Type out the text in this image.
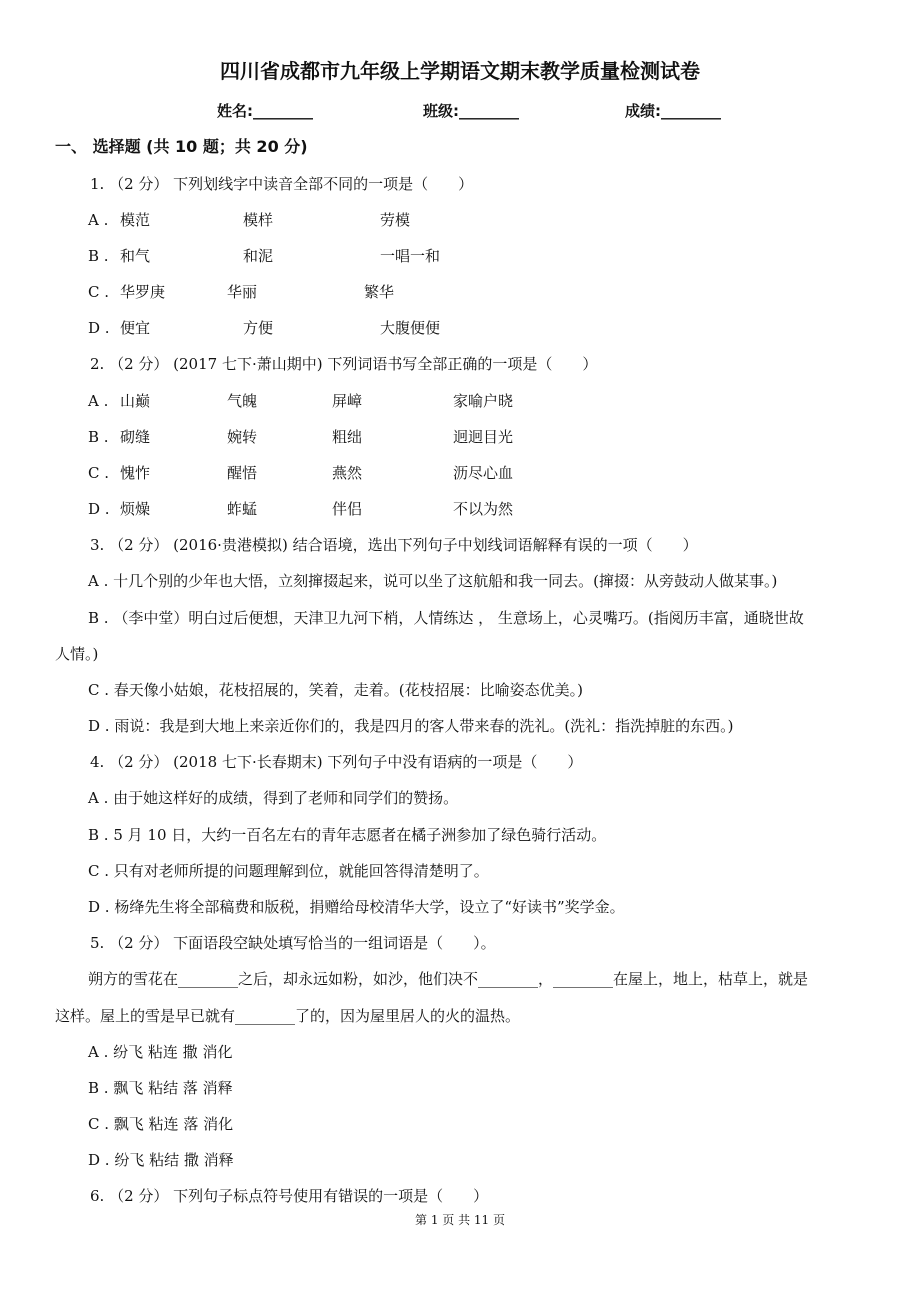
四川省成都市九年级上学期语文期末教学质量检测试卷
姓名:________	班级:________	成绩:________
一、 选择题 (共 10 题；共 20 分)
1. （2 分） 下列划线字中读音全部不同的一项是（　　）
A . 模范	模样	劳模
B . 和气	和泥	一唱一和
C . 华罗庚	华丽	繁华
D . 便宜	方便	大腹便便
2. （2 分） (2017 七下·萧山期中) 下列词语书写全部正确的一项是（　　）
A . 山巅	气魄	屏嶂	家喻户晓
B . 砌缝	婉转	粗绌	迥迥目光
C . 愧怍	醒悟	燕然	沥尽心血
D . 烦燥	蚱蜢	伴侣	不以为然
3. （2 分） (2016·贵港模拟) 结合语境，选出下列句子中划线词语解释有误的一项（　　）
A . 十几个别的少年也大悟，立刻撺掇起来，说可以坐了这航船和我一同去。(撺掇：从旁鼓动人做某事。)
B . （李中堂）明白过后便想，天津卫九河下梢，人情练达 ， 生意场上，心灵嘴巧。(指阅历丰富，通晓世故
人情。)
C . 春天像小姑娘，花枝招展的，笑着，走着。(花枝招展：比喻姿态优美。)
D . 雨说：我是到大地上来亲近你们的，我是四月的客人带来春的洗礼。(洗礼：指洗掉脏的东西。)
4. （2 分） (2018 七下·长春期末) 下列句子中没有语病的一项是（　　）
A . 由于她这样好的成绩，得到了老师和同学们的赞扬。
B . 5 月 10 日，大约一百名左右的青年志愿者在橘子洲参加了绿色骑行活动。
C . 只有对老师所提的问题理解到位，就能回答得清楚明了。
D . 杨绛先生将全部稿费和版税，捐赠给母校清华大学，设立了“好读书”奖学金。
5. （2 分） 下面语段空缺处填写恰当的一组词语是（　　）。
朔方的雪花在________之后，却永远如粉，如沙，他们决不________，________在屋上，地上，枯草上，就是
这样。屋上的雪是早已就有________了的，因为屋里居人的火的温热。
A . 纷飞 粘连 撒 消化
B . 飘飞 粘结 落 消释
C . 飘飞 粘连 落 消化
D . 纷飞 粘结 撒 消释
6. （2 分） 下列句子标点符号使用有错误的一项是（　　）
第 1 页 共 11 页
